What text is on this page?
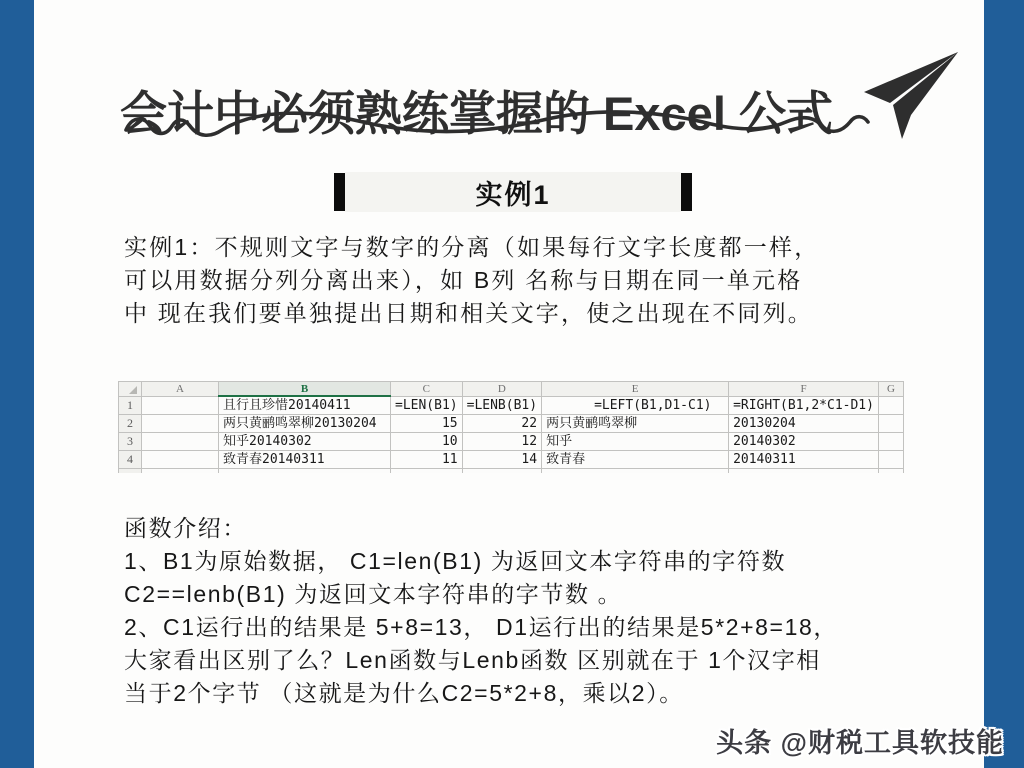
会计中必须熟练掌握的 Excel 公式
实例1
实例1：不规则文字与数字的分离（如果每行文字长度都一样，
可以用数据分列分离出来），如 B列 名称与日期在同一单元格
中 现在我们要单独提出日期和相关文字，使之出现在不同列。
	A	B	C	D	E	F	G
1		且行且珍惜20140411	=LEN(B1)	=LENB(B1)	=LEFT(B1,D1-C1)	=RIGHT(B1,2*C1-D1)	
2		两只黄鹂鸣翠柳20130204	15	22	两只黄鹂鸣翠柳	20130204	
3		知乎20140302	10	12	知乎	20140302	
4		致青春20140311	11	14	致青春	20140311	

函数介绍：
1、B1为原始数据， C1=len(B1) 为返回文本字符串的字符数
C2==lenb(B1) 为返回文本字符串的字节数 。
2、C1运行出的结果是 5+8=13， D1运行出的结果是5*2+8=18，
大家看出区别了么？Len函数与Lenb函数 区别就在于 1个汉字相
当于2个字节 （这就是为什么C2=5*2+8，乘以2）。
头条 @财税工具软技能
